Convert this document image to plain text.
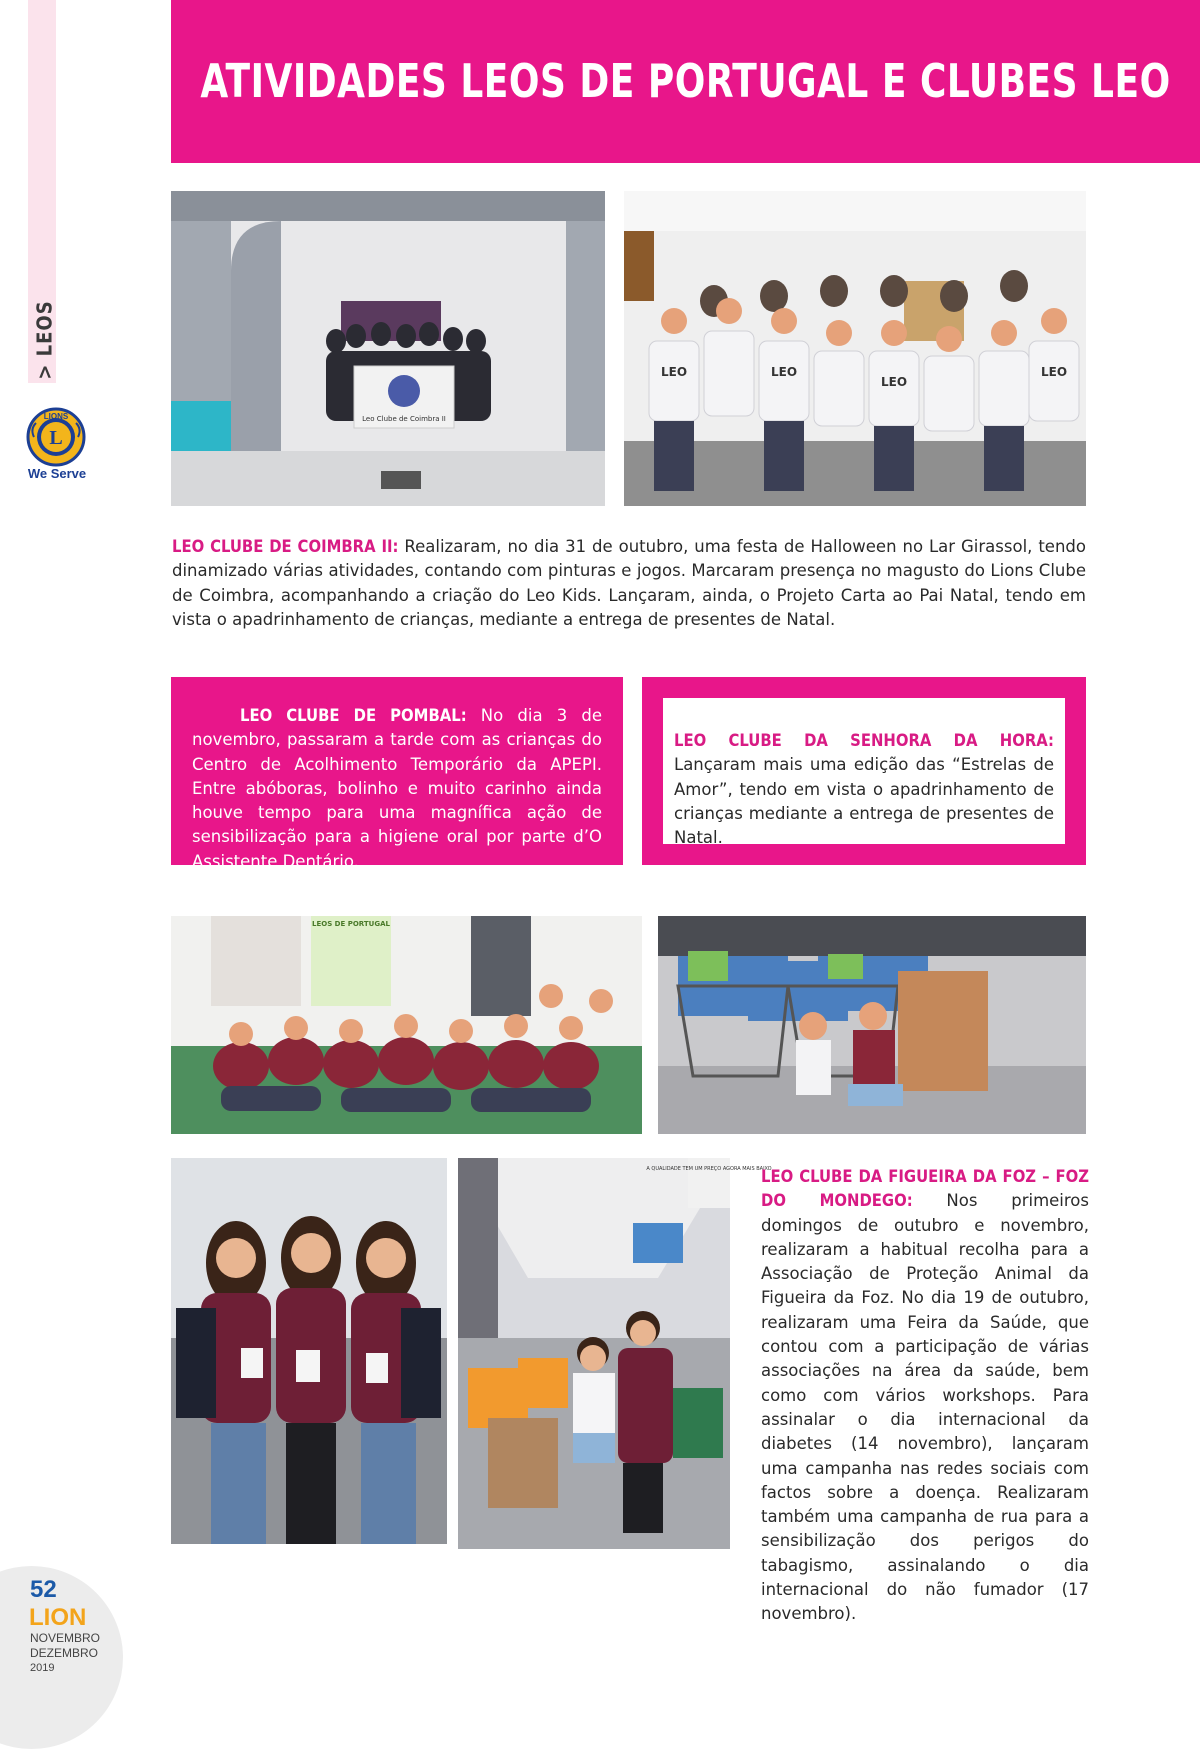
> LEOS
L
LIONS
We Serve
ATIVIDADES LEOS DE PORTUGAL E CLUBES LEO
Leo Clube de Coimbra II
LEO	LEO
LEO
LEO
LEO CLUBE DE COIMBRA II: Realizaram, no dia 31 de outubro, uma festa de Halloween no Lar Girassol, tendo dinamizado várias atividades, contando com pinturas e jogos. Marcaram presença no magusto do Lions Clube de Coimbra, acompanhando a criação do Leo Kids. Lançaram, ainda, o Projeto Carta ao Pai Natal, tendo em vista o apadrinhamento de crianças, mediante a entrega de presentes de Natal.
LEO CLUBE DE POMBAL: No dia 3 de novembro, passaram a tarde com as crianças do Centro de Acolhimento Temporário da APEPI. Entre abóboras, bolinho e muito carinho ainda houve tempo para uma magnífica ação de sensibilização para a higiene oral por parte d’O Assistente Dentário.
LEO CLUBE DA SENHORA DA HORA: Lançaram mais uma edição das “Estrelas de Amor”, tendo em vista o apadrinhamento de crianças mediante a entrega de presentes de Natal.
LEOS DE PORTUGAL
A QUALIDADE TEM UM PREÇO AGORA MAIS BAIXO
LEO CLUBE DA FIGUEIRA DA FOZ – FOZ DO MONDEGO: Nos primeiros domingos de outubro e novembro, realizaram a habitual recolha para a Associação de Proteção Animal da Figueira da Foz. No dia 19 de outubro, realizaram uma Feira da Saúde, que contou com a participação de várias associações na área da saúde, bem como com vários workshops. Para assinalar o dia internacional da diabetes (14 novembro), lançaram uma campanha nas redes sociais com factos sobre a doença. Realizaram também uma campanha de rua para a sensibilização dos perigos do tabagismo, assinalando o dia internacional do não fumador (17 novembro).
52
LION
NOVEMBRO
DEZEMBRO
2019
